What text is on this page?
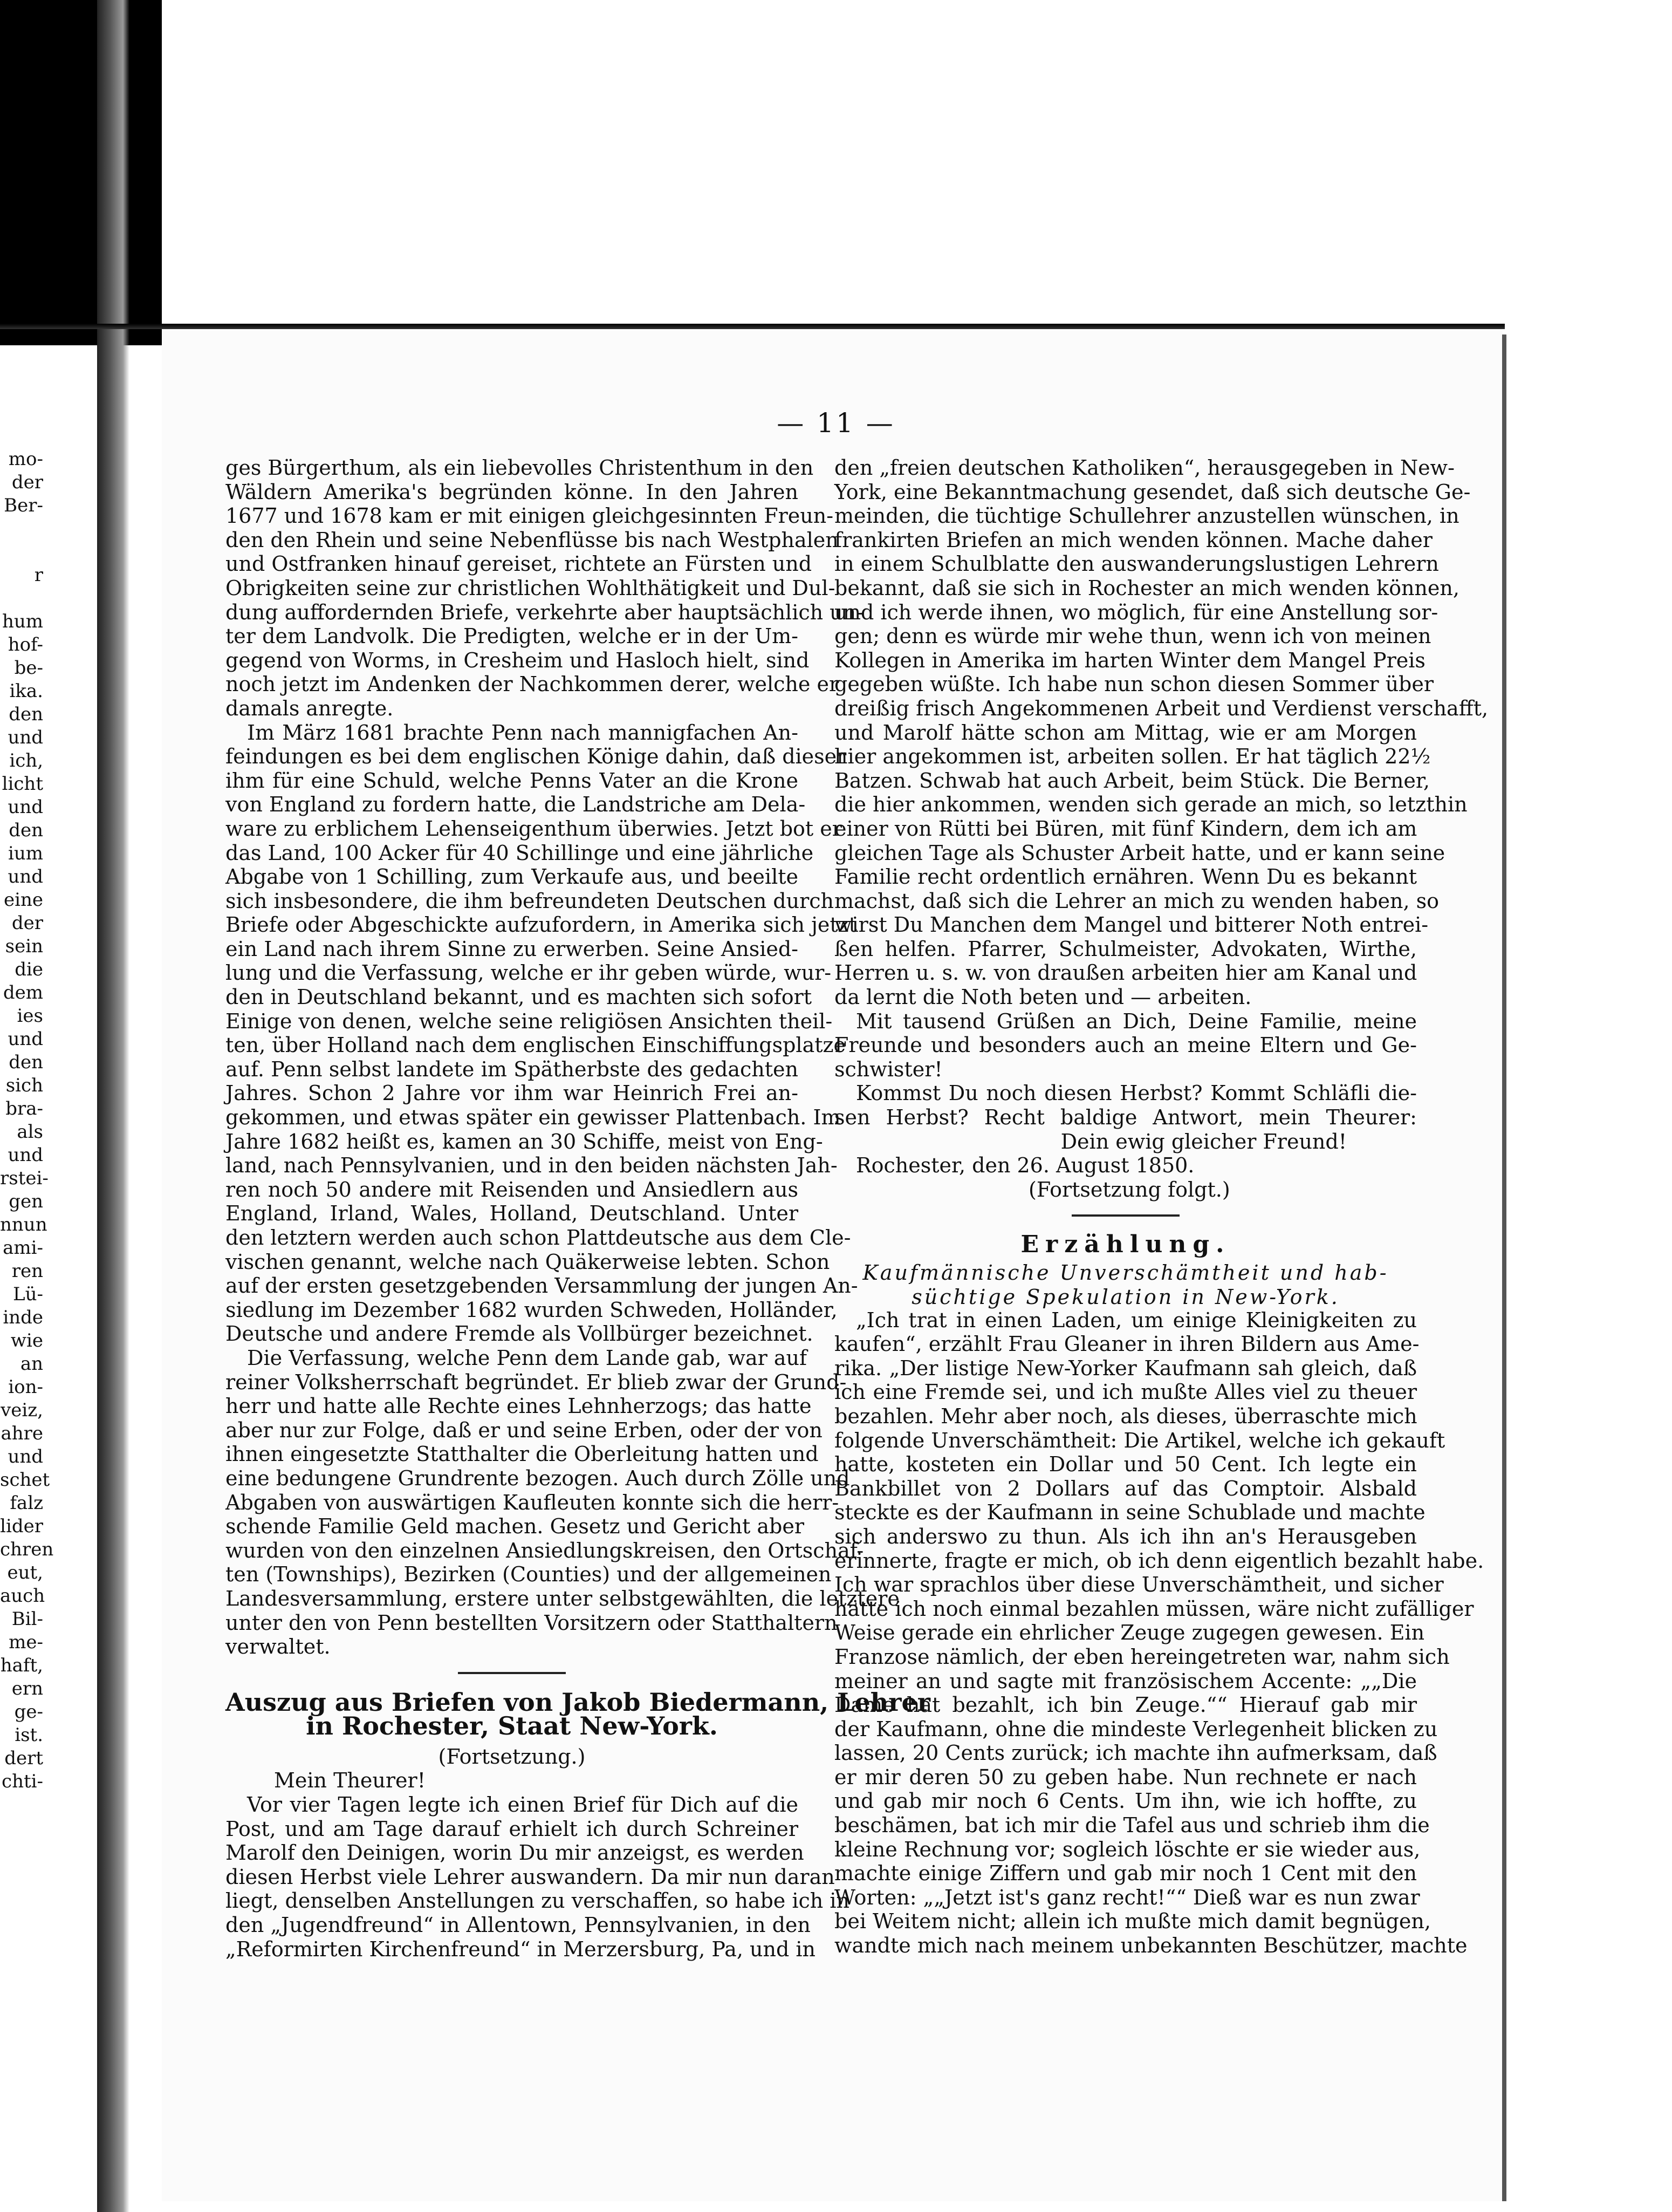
mo-
der
Ber-
r
hum
hof-
be-
ika.
den
und
ich,
licht
und
den
ium
und
eine
der
sein
die
dem
ies
und
den
sich
bra-
als
und
rstei-
gen
nnun
ami-
ren
Lü-
inde
wie
an
ion-
veiz,
ahre
und
schet
falz
lider
chren
eut,
auch
Bil-
me-
haft,
ern
ge-
ist.
dert
chti-
— 11 —
ges Bürgerthum, als ein liebevolles Christenthum in den
Wäldern Amerika's begründen könne. In den Jahren
1677 und 1678 kam er mit einigen gleichgesinnten Freun-
den den Rhein und seine Nebenflüsse bis nach Westphalen
und Ostfranken hinauf gereiset, richtete an Fürsten und
Obrigkeiten seine zur christlichen Wohlthätigkeit und Dul-
dung auffordernden Briefe, verkehrte aber hauptsächlich un-
ter dem Landvolk. Die Predigten, welche er in der Um-
gegend von Worms, in Cresheim und Hasloch hielt, sind
noch jetzt im Andenken der Nachkommen derer, welche er
damals anregte.
Im März 1681 brachte Penn nach mannigfachen An-
feindungen es bei dem englischen Könige dahin, daß dieser
ihm für eine Schuld, welche Penns Vater an die Krone
von England zu fordern hatte, die Landstriche am Dela-
ware zu erblichem Lehenseigenthum überwies. Jetzt bot er
das Land, 100 Acker für 40 Schillinge und eine jährliche
Abgabe von 1 Schilling, zum Verkaufe aus, und beeilte
sich insbesondere, die ihm befreundeten Deutschen durch
Briefe oder Abgeschickte aufzufordern, in Amerika sich jetzt
ein Land nach ihrem Sinne zu erwerben. Seine Ansied-
lung und die Verfassung, welche er ihr geben würde, wur-
den in Deutschland bekannt, und es machten sich sofort
Einige von denen, welche seine religiösen Ansichten theil-
ten, über Holland nach dem englischen Einschiffungsplatze
auf. Penn selbst landete im Spätherbste des gedachten
Jahres. Schon 2 Jahre vor ihm war Heinrich Frei an-
gekommen, und etwas später ein gewisser Plattenbach. Im
Jahre 1682 heißt es, kamen an 30 Schiffe, meist von Eng-
land, nach Pennsylvanien, und in den beiden nächsten Jah-
ren noch 50 andere mit Reisenden und Ansiedlern aus
England, Irland, Wales, Holland, Deutschland. Unter
den letztern werden auch schon Plattdeutsche aus dem Cle-
vischen genannt, welche nach Quäkerweise lebten. Schon
auf der ersten gesetzgebenden Versammlung der jungen An-
siedlung im Dezember 1682 wurden Schweden, Holländer,
Deutsche und andere Fremde als Vollbürger bezeichnet.
Die Verfassung, welche Penn dem Lande gab, war auf
reiner Volksherrschaft begründet. Er blieb zwar der Grund-
herr und hatte alle Rechte eines Lehnherzogs; das hatte
aber nur zur Folge, daß er und seine Erben, oder der von
ihnen eingesetzte Statthalter die Oberleitung hatten und
eine bedungene Grundrente bezogen. Auch durch Zölle und
Abgaben von auswärtigen Kaufleuten konnte sich die herr-
schende Familie Geld machen. Gesetz und Gericht aber
wurden von den einzelnen Ansiedlungskreisen, den Ortschaf-
ten (Townships), Bezirken (Counties) und der allgemeinen
Landesversammlung, erstere unter selbstgewählten, die letztere
unter den von Penn bestellten Vorsitzern oder Statthaltern
verwaltet.
Auszug aus Briefen von Jakob Biedermann, Lehrer
in Rochester, Staat New-York.
(Fortsetzung.)
Mein Theurer!
Vor vier Tagen legte ich einen Brief für Dich auf die
Post, und am Tage darauf erhielt ich durch Schreiner
Marolf den Deinigen, worin Du mir anzeigst, es werden
diesen Herbst viele Lehrer auswandern. Da mir nun daran
liegt, denselben Anstellungen zu verschaffen, so habe ich in
den „Jugendfreund“ in Allentown, Pennsylvanien, in den
„Reformirten Kirchenfreund“ in Merzersburg, Pa, und in
den „freien deutschen Katholiken“, herausgegeben in New-
York, eine Bekanntmachung gesendet, daß sich deutsche Ge-
meinden, die tüchtige Schullehrer anzustellen wünschen, in
frankirten Briefen an mich wenden können. Mache daher
in einem Schulblatte den auswanderungslustigen Lehrern
bekannt, daß sie sich in Rochester an mich wenden können,
und ich werde ihnen, wo möglich, für eine Anstellung sor-
gen; denn es würde mir wehe thun, wenn ich von meinen
Kollegen in Amerika im harten Winter dem Mangel Preis
gegeben wüßte. Ich habe nun schon diesen Sommer über
dreißig frisch Angekommenen Arbeit und Verdienst verschafft,
und Marolf hätte schon am Mittag, wie er am Morgen
hier angekommen ist, arbeiten sollen. Er hat täglich 22½
Batzen. Schwab hat auch Arbeit, beim Stück. Die Berner,
die hier ankommen, wenden sich gerade an mich, so letzthin
einer von Rütti bei Büren, mit fünf Kindern, dem ich am
gleichen Tage als Schuster Arbeit hatte, und er kann seine
Familie recht ordentlich ernähren. Wenn Du es bekannt
machst, daß sich die Lehrer an mich zu wenden haben, so
wirst Du Manchen dem Mangel und bitterer Noth entrei-
ßen helfen. Pfarrer, Schulmeister, Advokaten, Wirthe,
Herren u. s. w. von draußen arbeiten hier am Kanal und
da lernt die Noth beten und — arbeiten.
Mit tausend Grüßen an Dich, Deine Familie, meine
Freunde und besonders auch an meine Eltern und Ge-
schwister!
Kommst Du noch diesen Herbst? Kommt Schläfli die-
sen Herbst? Recht baldige Antwort, mein Theurer:
Dein ewig gleicher Freund!
Rochester, den 26. August 1850.
(Fortsetzung folgt.)
Erzählung.
Kaufmännische Unverschämtheit und hab-
süchtige Spekulation in New-York.
„Ich trat in einen Laden, um einige Kleinigkeiten zu
kaufen“, erzählt Frau Gleaner in ihren Bildern aus Ame-
rika. „Der listige New-Yorker Kaufmann sah gleich, daß
ich eine Fremde sei, und ich mußte Alles viel zu theuer
bezahlen. Mehr aber noch, als dieses, überraschte mich
folgende Unverschämtheit: Die Artikel, welche ich gekauft
hatte, kosteten ein Dollar und 50 Cent. Ich legte ein
Bankbillet von 2 Dollars auf das Comptoir. Alsbald
steckte es der Kaufmann in seine Schublade und machte
sich anderswo zu thun. Als ich ihn an's Herausgeben
erinnerte, fragte er mich, ob ich denn eigentlich bezahlt habe.
Ich war sprachlos über diese Unverschämtheit, und sicher
hätte ich noch einmal bezahlen müssen, wäre nicht zufälliger
Weise gerade ein ehrlicher Zeuge zugegen gewesen. Ein
Franzose nämlich, der eben hereingetreten war, nahm sich
meiner an und sagte mit französischem Accente: „„Die
Dame hat bezahlt, ich bin Zeuge.““ Hierauf gab mir
der Kaufmann, ohne die mindeste Verlegenheit blicken zu
lassen, 20 Cents zurück; ich machte ihn aufmerksam, daß
er mir deren 50 zu geben habe. Nun rechnete er nach
und gab mir noch 6 Cents. Um ihn, wie ich hoffte, zu
beschämen, bat ich mir die Tafel aus und schrieb ihm die
kleine Rechnung vor; sogleich löschte er sie wieder aus,
machte einige Ziffern und gab mir noch 1 Cent mit den
Worten: „„Jetzt ist's ganz recht!““ Dieß war es nun zwar
bei Weitem nicht; allein ich mußte mich damit begnügen,
wandte mich nach meinem unbekannten Beschützer, machte
